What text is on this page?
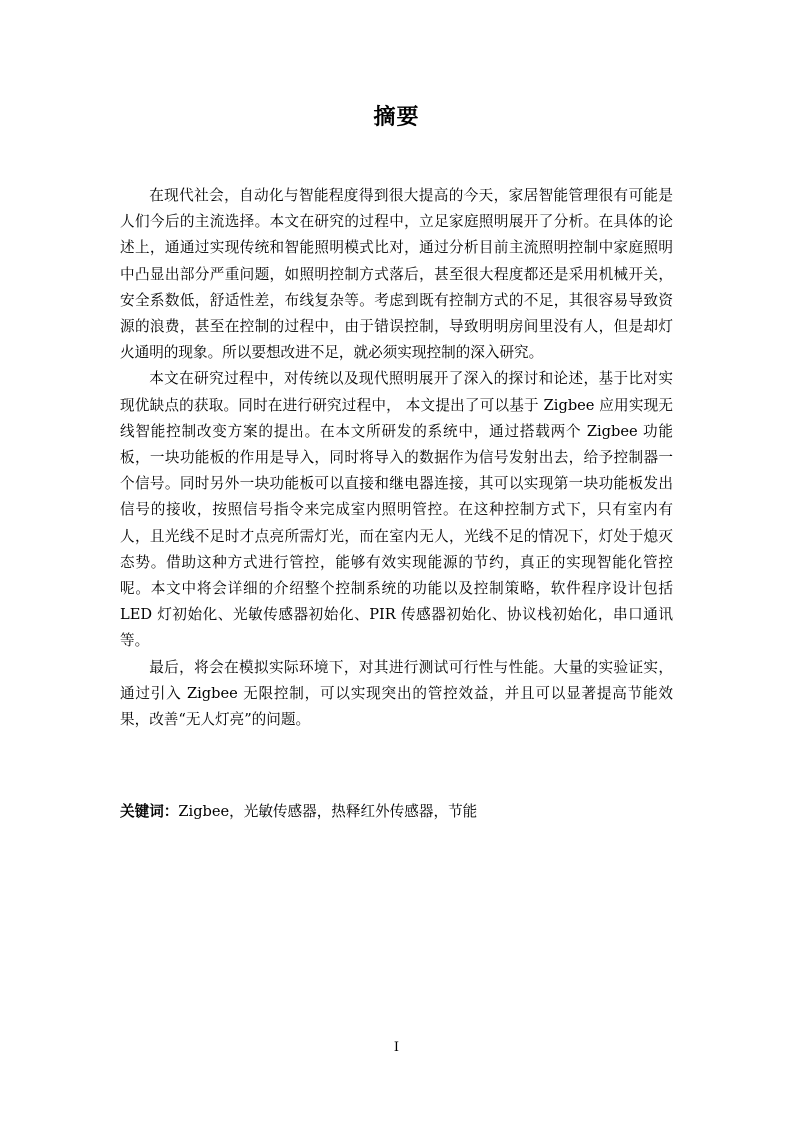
摘要

在现代社会，自动化与智能程度得到很大提高的今天，家居智能管理很有可能是人们今后的主流选择。本文在研究的过程中，立足家庭照明展开了分析。在具体的论述上，通通过实现传统和智能照明模式比对，通过分析目前主流照明控制中家庭照明中凸显出部分严重问题，如照明控制方式落后，甚至很大程度都还是采用机械开关，安全系数低，舒适性差，布线复杂等。考虑到既有控制方式的不足，其很容易导致资源的浪费，甚至在控制的过程中，由于错误控制，导致明明房间里没有人，但是却灯火通明的现象。所以要想改进不足，就必须实现控制的深入研究。

本文在研究过程中，对传统以及现代照明展开了深入的探讨和论述，基于比对实现优缺点的获取。同时在进行研究过程中， 本文提出了可以基于 Zigbee 应用实现无线智能控制改变方案的提出。在本文所研发的系统中，通过搭载两个 Zigbee 功能板，一块功能板的作用是导入，同时将导入的数据作为信号发射出去，给予控制器一个信号。同时另外一块功能板可以直接和继电器连接，其可以实现第一块功能板发出信号的接收，按照信号指令来完成室内照明管控。在这种控制方式下，只有室内有人，且光线不足时才点亮所需灯光，而在室内无人，光线不足的情况下，灯处于熄灭态势。借助这种方式进行管控，能够有效实现能源的节约，真正的实现智能化管控呢。本文中将会详细的介绍整个控制系统的功能以及控制策略，软件程序设计包括 LED 灯初始化、光敏传感器初始化、PIR 传感器初始化、协议栈初始化，串口通讯等。

最后，将会在模拟实际环境下，对其进行测试可行性与性能。大量的实验证实，通过引入 Zigbee 无限控制，可以实现突出的管控效益，并且可以显著提高节能效果，改善“无人灯亮”的问题。

关键词：Zigbee，光敏传感器，热释红外传感器，节能

I
